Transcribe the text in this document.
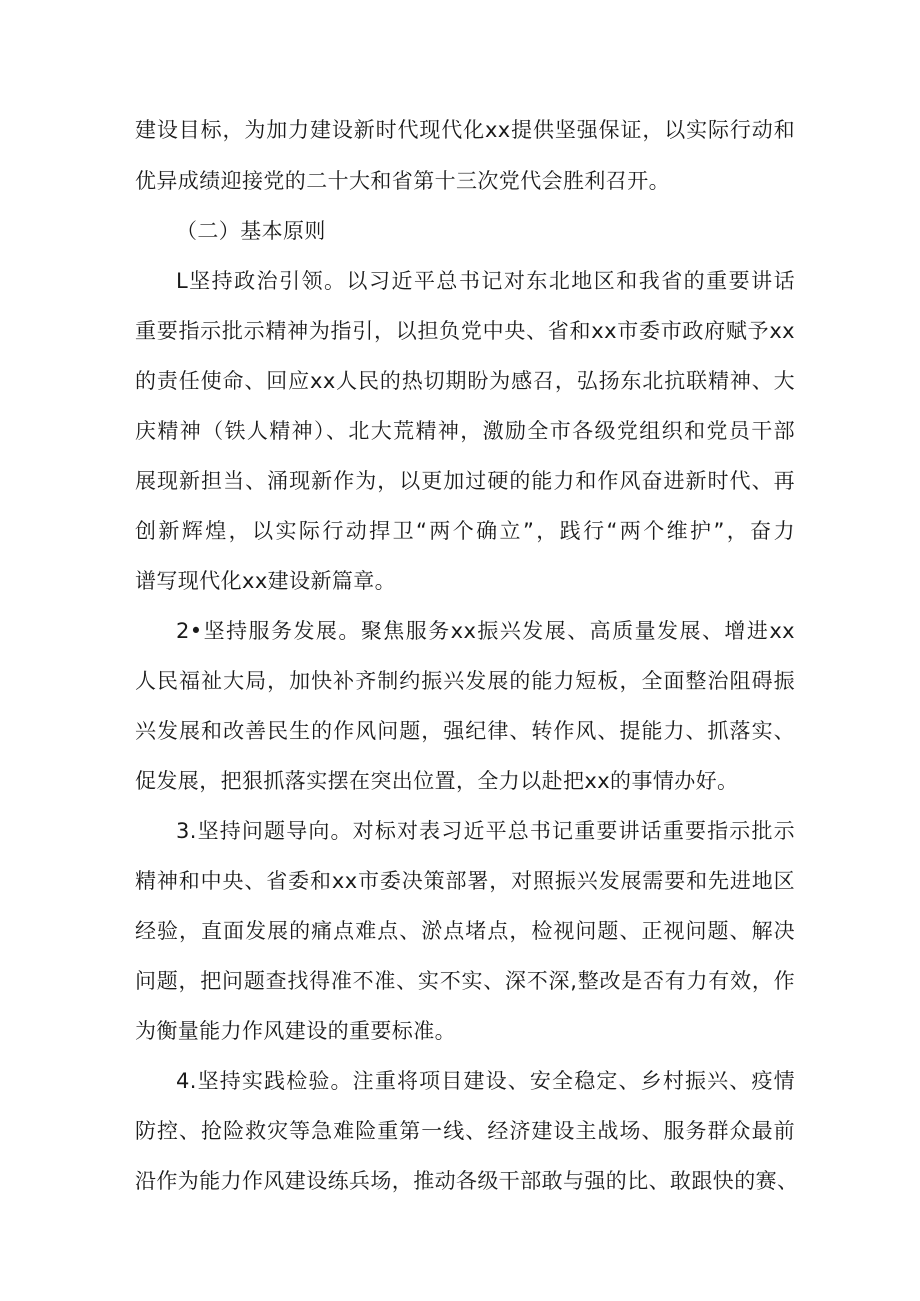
建设目标，为加力建设新时代现代化xx提供坚强保证，以实际行动和
优异成绩迎接党的二十大和省第十三次党代会胜利召开。
（二）基本原则
L坚持政治引领。以习近平总书记对东北地区和我省的重要讲话
重要指示批示精神为指引，以担负党中央、省和xx市委市政府赋予xx
的责任使命、回应xx人民的热切期盼为感召，弘扬东北抗联精神、大
庆精神（铁人精神）、北大荒精神，激励全市各级党组织和党员干部
展现新担当、涌现新作为，以更加过硬的能力和作风奋进新时代、再
创新辉煌，以实际行动捍卫“两个确立”，践行“两个维护”，奋力
谱写现代化xx建设新篇章。
2•坚持服务发展。聚焦服务xx振兴发展、高质量发展、增进xx
人民福祉大局，加快补齐制约振兴发展的能力短板，全面整治阻碍振
兴发展和改善民生的作风问题，强纪律、转作风、提能力、抓落实、
促发展，把狠抓落实摆在突出位置，全力以赴把xx的事情办好。
3.坚持问题导向。对标对表习近平总书记重要讲话重要指示批示
精神和中央、省委和xx市委决策部署，对照振兴发展需要和先进地区
经验，直面发展的痛点难点、淤点堵点，检视问题、正视问题、解决
问题，把问题查找得准不准、实不实、深不深,整改是否有力有效，作
为衡量能力作风建设的重要标准。
4.坚持实践检验。注重将项目建设、安全稳定、乡村振兴、疫情
防控、抢险救灾等急难险重第一线、经济建设主战场、服务群众最前
沿作为能力作风建设练兵场，推动各级干部敢与强的比、敢跟快的赛、
